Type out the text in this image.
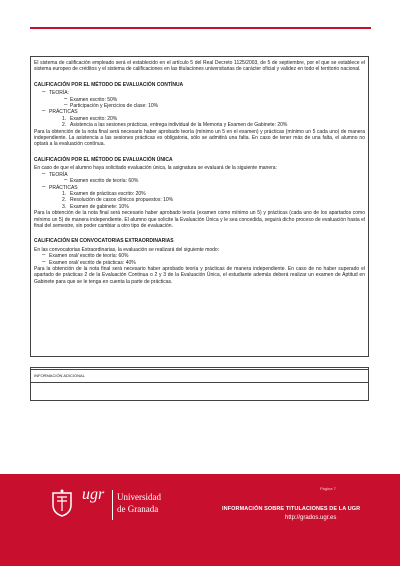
El sistema de calificación empleado será el establecido en el artículo 5 del Real Decreto 1125/2003, de 5 de septiembre, por el que se establece el sistema europeo de créditos y el sistema de calificaciones en las titulaciones universitarias de carácter oficial y validez en todo el territorio nacional.

CALIFICACIÓN POR EL MÉTODO DE EVALUACIÓN CONTÍNUA

– TEORÍA:
– Examen escrito: 50%
– Participación y Ejercicios de clase: 10%
– PRÁCTICAS
1. Examen escrito: 20%
2. Asistencia a las sesiones prácticas, entrega individual de la Memoria y Examen de Gabinete: 20%

Para la obtención de la nota final será necesario haber aprobado teoría (mínimo un 5 en el examen) y prácticas (mínimo un 5 cada uno) de manera independiente. La asistencia a las sesiones prácticas es obligatoria, sólo se admitirá una falta. En caso de tener más de una falta, el alumno no optará a la evaluación contínua.

CALIFICACIÓN POR EL MÉTODO DE EVALUACIÓN ÚNICA

En caso de que el alumno haya solicitado evaluación única, la asignatura se evaluará de la siguiente manera:

– TEORÍA
– Examen escrito de teoría: 60%
– PRÁCTICAS
1. Examen de prácticas escrito: 20%
2. Resolución de casos clínicos propuestos: 10%
3. Examen de gabinete: 10%

Para la obtención de la nota final será necesario haber aprobado teoría (examen como mínimo un 5) y prácticas (cada uno de los apartados como mínimo un 5) de manera independiente. El alumno que solicite la Evaluación Única y le sea concedida, seguirá dicho proceso de evaluación hasta el final del semestre, sin poder cambiar a otro tipo de evaluación.

CALIFICACIÓN EN CONVOCATORIAS EXTRAORDINARIAS

En las convocatorias Extraordinarias, la evaluación se realizará del siguiente modo:

– Examen oral/ escrito de teoría: 60%
– Examen oral/ escrito de prácticas: 40%

Para la obtención de la nota final será necesario haber aprobado teoría y prácticas de manera independiente. En caso de no haber superado el apartado de prácticas 2 de la Evaluación Continua o 2 y 3 de la Evaluación Única, el estudiante además deberá realizar un examen de Aptitud en Gabinete para que se le tenga en cuenta la parte de prácticas.

INFORMACIÓN ADICIONAL
ugr Universidad
de Granada
Página 7
INFORMACIÓN SOBRE TITULACIONES DE LA UGR
http://grados.ugr.es
